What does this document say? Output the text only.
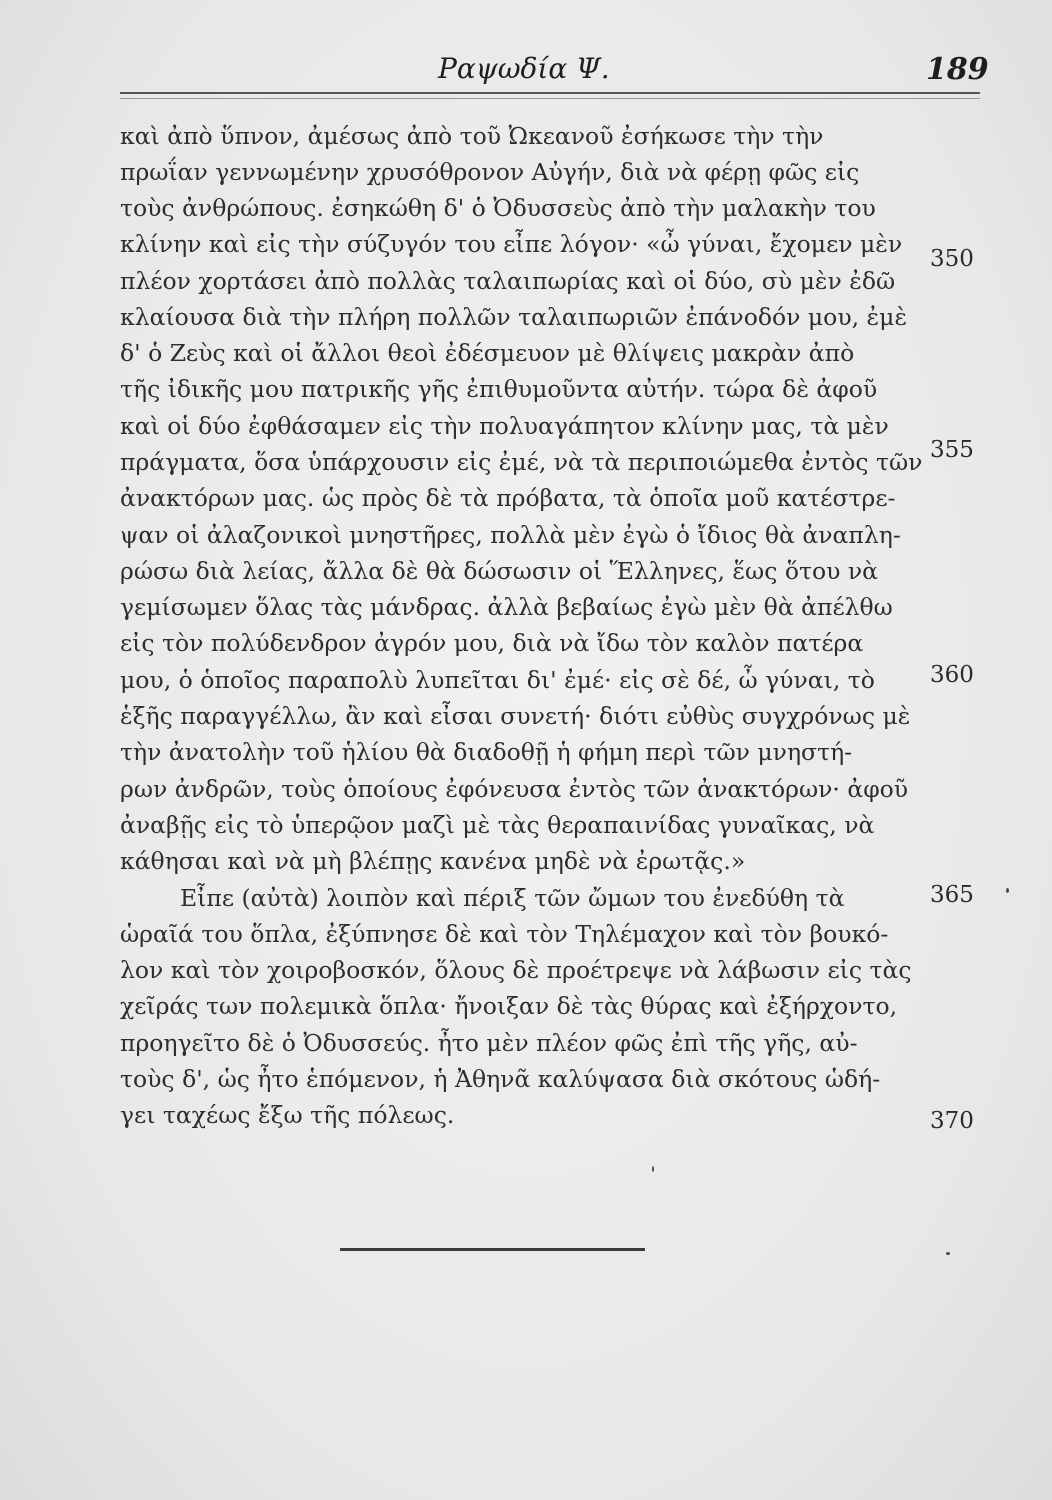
Ραψωδία Ψ.	189
καὶ ἀπὸ ὕπνον, ἀμέσως ἀπὸ τοῦ Ὠκεανοῦ ἐσήκωσε τὴν τὴν
πρωΐαν γεννωμένην χρυσόθρονον Αὐγήν, διὰ νὰ φέρῃ φῶς εἰς
τοὺς ἀνθρώπους. ἐσηκώθη δ' ὁ Ὀδυσσεὺς ἀπὸ τὴν μαλακὴν του
κλίνην καὶ εἰς τὴν σύζυγόν του εἶπε λόγον· «ὦ γύναι, ἔχομεν μὲν
πλέον χορτάσει ἀπὸ πολλὰς ταλαιπωρίας καὶ οἱ δύο, σὺ μὲν ἐδῶ
κλαίουσα διὰ τὴν πλήρη πολλῶν ταλαιπωριῶν ἐπάνοδόν μου, ἐμὲ
δ' ὁ Ζεὺς καὶ οἱ ἄλλοι θεοὶ ἐδέσμευον μὲ θλίψεις μακρὰν ἀπὸ
τῆς ἰδικῆς μου πατρικῆς γῆς ἐπιθυμοῦντα αὐτήν. τώρα δὲ ἀφοῦ
καὶ οἱ δύο ἐφθάσαμεν εἰς τὴν πολυαγάπητον κλίνην μας, τὰ μὲν
πράγματα, ὅσα ὑπάρχουσιν εἰς ἐμέ, νὰ τὰ περιποιώμεθα ἐντὸς τῶν
ἀνακτόρων μας. ὡς πρὸς δὲ τὰ πρόβατα, τὰ ὁποῖα μοῦ κατέστρε-
ψαν οἱ ἀλαζονικοὶ μνηστῆρες, πολλὰ μὲν ἐγὼ ὁ ἴδιος θὰ ἀναπλη-
ρώσω διὰ λείας, ἄλλα δὲ θὰ δώσωσιν οἱ Ἕλληνες, ἕως ὅτου νὰ
γεμίσωμεν ὅλας τὰς μάνδρας. ἀλλὰ βεβαίως ἐγὼ μὲν θὰ ἀπέλθω
εἰς τὸν πολύδενδρον ἀγρόν μου, διὰ νὰ ἴδω τὸν καλὸν πατέρα
μου, ὁ ὁποῖος παραπολὺ λυπεῖται δι' ἐμέ· εἰς σὲ δέ, ὦ γύναι, τὸ
ἑξῆς παραγγέλλω, ἂν καὶ εἶσαι συνετή· διότι εὐθὺς συγχρόνως μὲ
τὴν ἀνατολὴν τοῦ ἡλίου θὰ διαδοθῇ ἡ φήμη περὶ τῶν μνηστή-
ρων ἀνδρῶν, τοὺς ὁποίους ἐφόνευσα ἐντὸς τῶν ἀνακτόρων· ἀφοῦ
ἀναβῇς εἰς τὸ ὑπερῷον μαζὶ μὲ τὰς θεραπαινίδας γυναῖκας, νὰ
κάθησαι καὶ νὰ μὴ βλέπῃς κανένα μηδὲ νὰ ἐρωτᾷς.»
Εἶπε (αὐτὰ) λοιπὸν καὶ πέριξ τῶν ὤμων του ἐνεδύθη τὰ
ὡραῖά του ὅπλα, ἐξύπνησε δὲ καὶ τὸν Τηλέμαχον καὶ τὸν βουκό-
λον καὶ τὸν χοιροβοσκόν, ὅλους δὲ προέτρεψε νὰ λάβωσιν εἰς τὰς
χεῖράς των πολεμικὰ ὅπλα· ἤνοιξαν δὲ τὰς θύρας καὶ ἐξήρχοντο,
προηγεῖτο δὲ ὁ Ὀδυσσεύς. ἦτο μὲν πλέον φῶς ἐπὶ τῆς γῆς, αὐ-
τοὺς δ', ὡς ἦτο ἑπόμενον, ἡ Ἀθηνᾶ καλύψασα διὰ σκότους ὡδή-
γει ταχέως ἔξω τῆς πόλεως.
350
355
360
365
370
